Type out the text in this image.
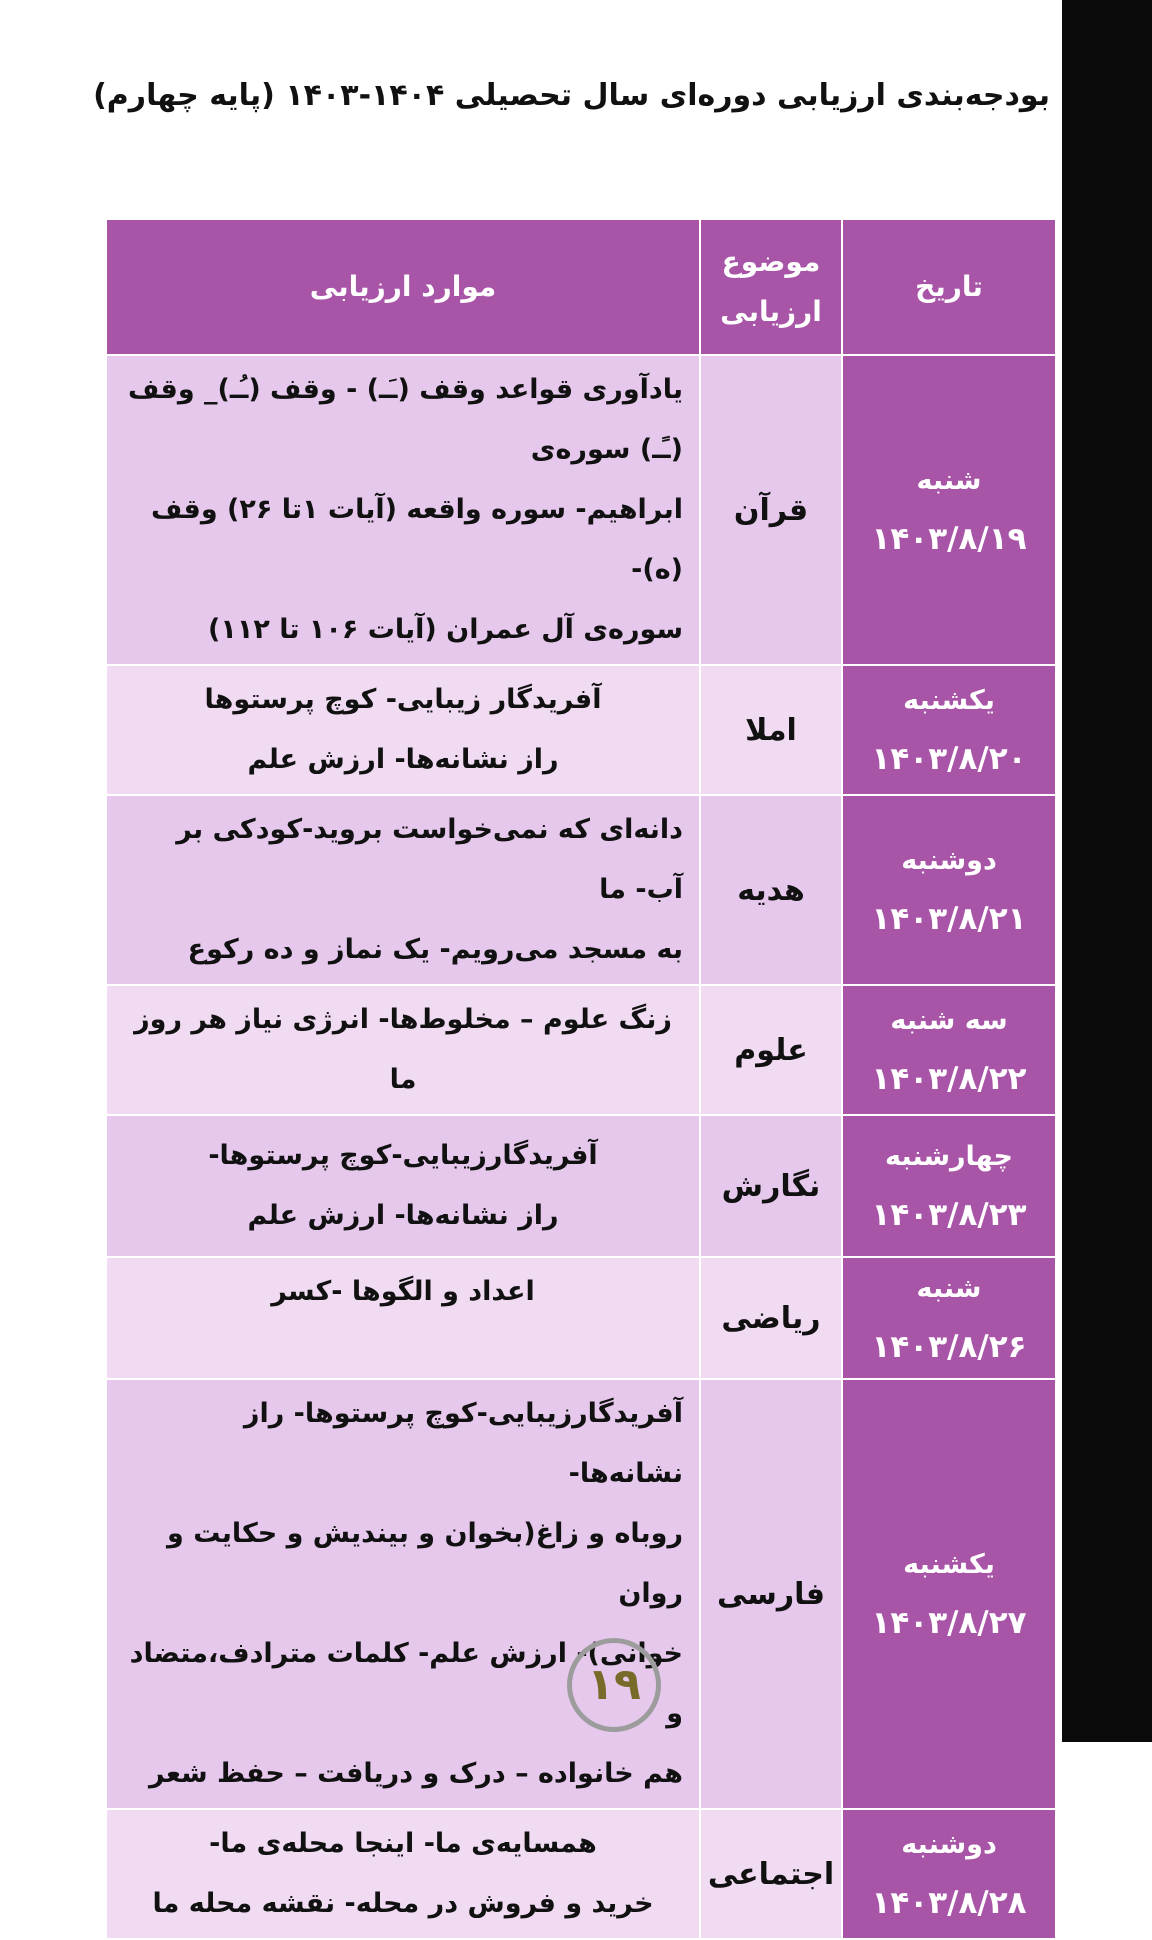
بودجه‌بندی ارزیابی دوره‌ای سال تحصیلی ۱۴۰۴-۱۴۰۳ (پایه چهارم)
تاریخ	موضوع ارزیابی	موارد ارزیابی

شنبه
۱۴۰۳/۸/۱۹	قرآن	یادآوری قواعد وقف (ـَـ) - وقف (ـُـ)_ وقف (ـًـ) سوره‌ی
ابراهیم- سوره واقعه (آیات ۱تا ۲۶) وقف (ه)-
سوره‌ی آل عمران (آیات ۱۰۶ تا ۱۱۲)

یکشنبه
۱۴۰۳/۸/۲۰	املا	آفریدگار زیبایی- کوچ پرستوها
راز نشانه‌ها- ارزش علم

دوشنبه
۱۴۰۳/۸/۲۱	هدیه	دانه‌ای که نمی‌خواست بروید-کودکی بر آب- ما
به مسجد می‌رویم- یک نماز و ده رکوع

سه شنبه
۱۴۰۳/۸/۲۲	علوم	زنگ علوم – مخلوط‌ها- انرژی نیاز هر روز ما

چهارشنبه
۱۴۰۳/۸/۲۳	نگارش	آفریدگارزیبایی-کوچ پرستوها-
راز نشانه‌ها- ارزش علم

شنبه
۱۴۰۳/۸/۲۶	ریاضی	اعداد و الگوها -کسر

یکشنبه
۱۴۰۳/۸/۲۷	فارسی	آفریدگارزیبایی-کوچ پرستوها- راز نشانه‌ها-
روباه و زاغ(بخوان و بیندیش و حکایت و روان
خوانی)- ارزش علم- کلمات مترادف،متضاد و
هم خانواده – درک و دریافت – حفظ شعر

دوشنبه
۱۴۰۳/۸/۲۸	اجتماعی	همسایه‌ی ما- اینجا محله‌ی ما-
خرید و فروش در محله- نقشه محله ما
۱۹
